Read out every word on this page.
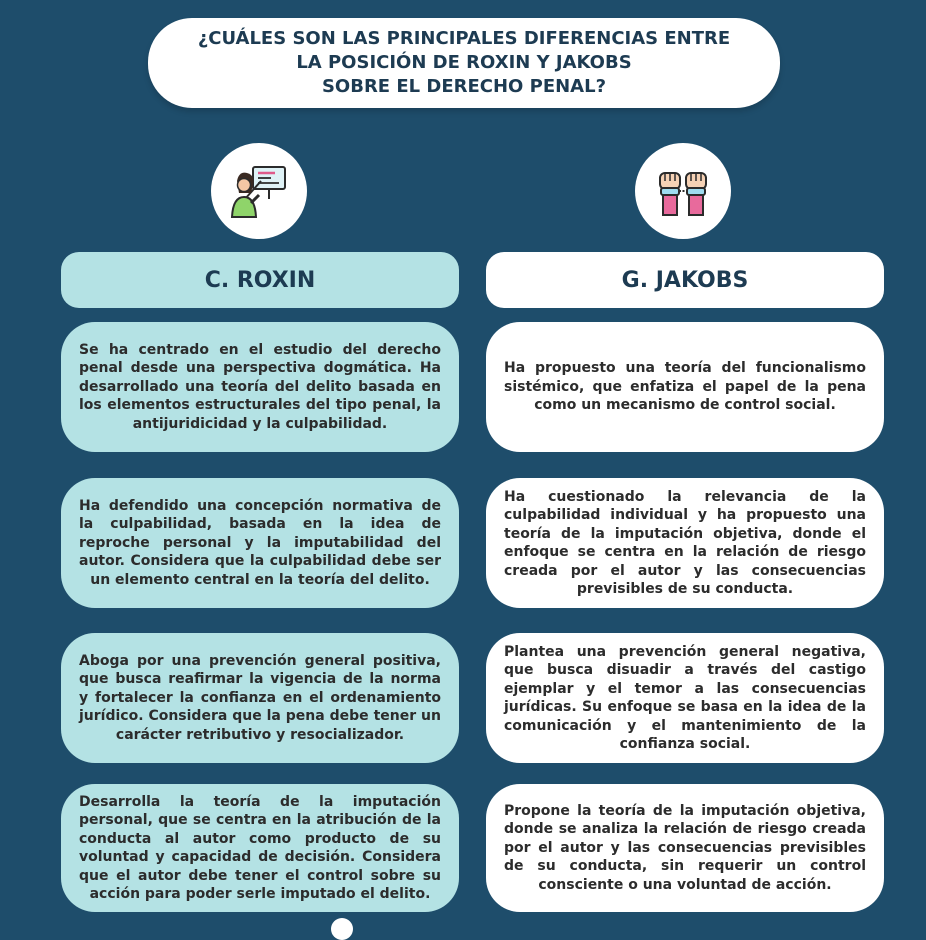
¿CUÁLES SON LAS PRINCIPALES DIFERENCIAS ENTRE
LA POSICIÓN DE ROXIN Y JAKOBS
SOBRE EL DERECHO PENAL?

C. ROXIN	G. JAKOBS

Se ha centrado en el estudio del derecho penal desde una perspectiva dogmática. Ha desarrollado una teoría del delito basada en los elementos estructurales del tipo penal, la antijuridicidad y la culpabilidad.

Ha defendido una concepción normativa de la culpabilidad, basada en la idea de reproche personal y la imputabilidad del autor. Considera que la culpabilidad debe ser un elemento central en la teoría del delito.

Aboga por una prevención general positiva, que busca reafirmar la vigencia de la norma y fortalecer la confianza en el ordenamiento jurídico. Considera que la pena debe tener un carácter retributivo y resocializador.

Desarrolla la teoría de la imputación personal, que se centra en la atribución de la conducta al autor como producto de su voluntad y capacidad de decisión. Considera que el autor debe tener el control sobre su acción para poder serle imputado el delito.

Ha propuesto una teoría del funcionalismo sistémico, que enfatiza el papel de la pena como un mecanismo de control social.

Ha cuestionado la relevancia de la culpabilidad individual y ha propuesto una teoría de la imputación objetiva, donde el enfoque se centra en la relación de riesgo creada por el autor y las consecuencias previsibles de su conducta.

Plantea una prevención general negativa, que busca disuadir a través del castigo ejemplar y el temor a las consecuencias jurídicas. Su enfoque se basa en la idea de la comunicación y el mantenimiento de la confianza social.

Propone la teoría de la imputación objetiva, donde se analiza la relación de riesgo creada por el autor y las consecuencias previsibles de su conducta, sin requerir un control consciente o una voluntad de acción.
